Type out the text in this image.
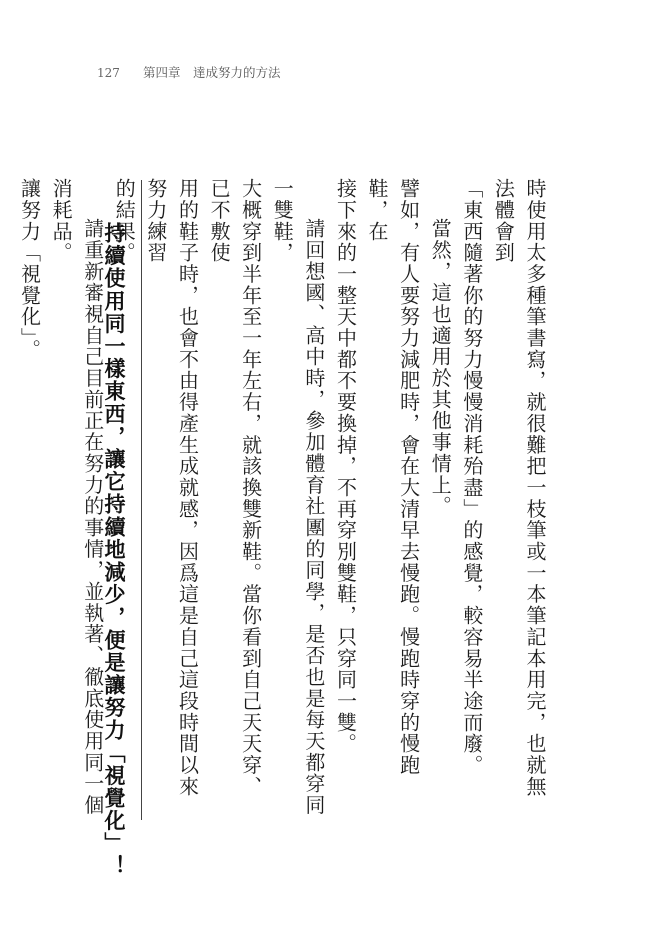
127	第四章 達成努力的方法

時使用太多種筆書寫，就很難把一枝筆或一本筆記本用完，也就無法體會到

「東西隨著你的努力慢慢消耗殆盡」的感覺，較容易半途而廢。

當然，這也適用於其他事情上。

譬如，有人要努力減肥時，會在大清早去慢跑。慢跑時穿的慢跑鞋，在

接下來的一整天中都不要換掉，不再穿別雙鞋，只穿同一雙。

請回想國、高中時，參加體育社團的同學，是否也是每天都穿同一雙鞋，

大概穿到半年至一年左右，就該換雙新鞋。當你看到自己天天穿、已不敷使

用的鞋子時，也會不由得產生成就感，因爲這是自己這段時間以來努力練習

的結果。

請重新審視自己目前正在努力的事情，並執著、徹底使用同一個消耗品。

讓努力「視覺化」。	持續使用同一樣東西，讓它持續地減少，便是讓努力「視覺化」！
